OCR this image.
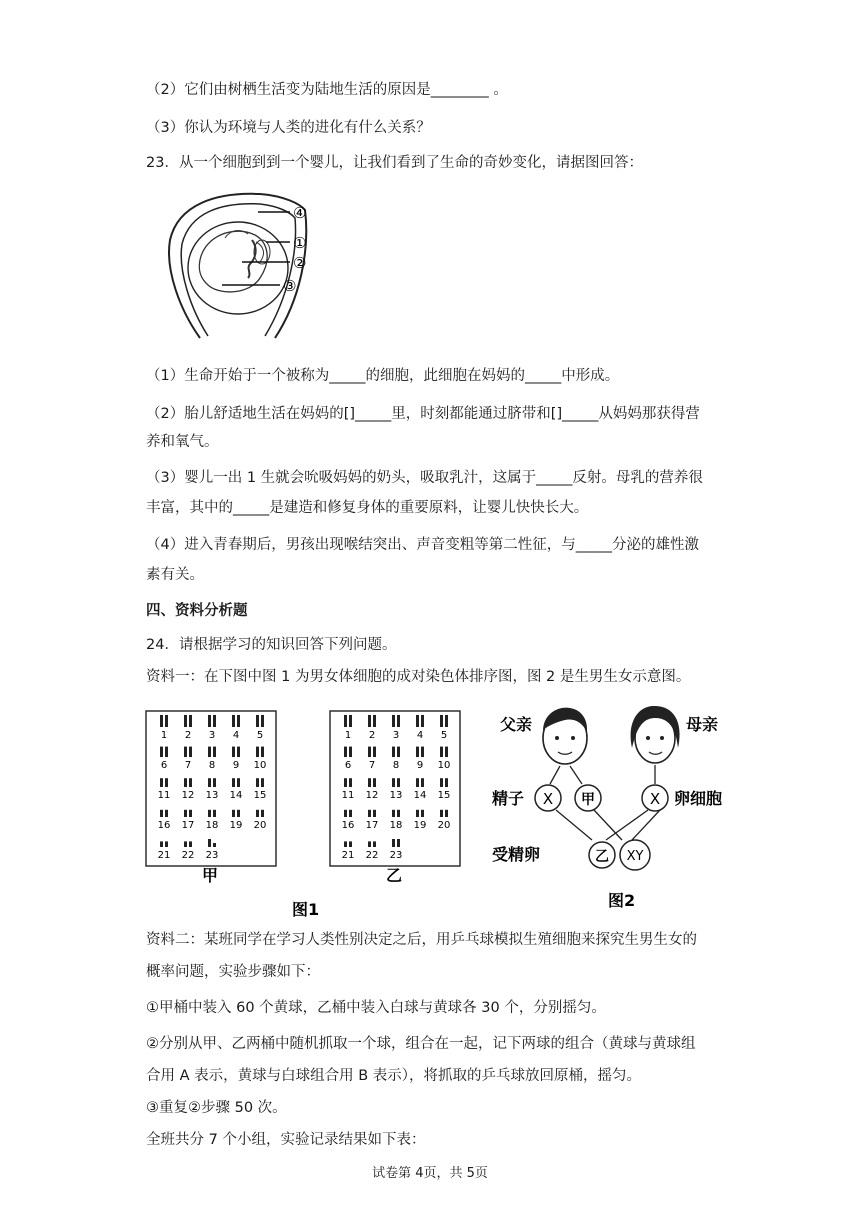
（2）它们由树栖生活变为陆地生活的原因是________ 。
（3）你认为环境与人类的进化有什么关系？
23．从一个细胞到到一个婴儿，让我们看到了生命的奇妙变化，请据图回答：
④
①
②
③
（1）生命开始于一个被称为_____的细胞，此细胞在妈妈的_____中形成。
（2）胎儿舒适地生活在妈妈的[]_____里，时刻都能通过脐带和[]_____从妈妈那获得营
养和氧气。
（3）婴儿一出 1 生就会吮吸妈妈的奶头，吸取乳汁，这属于_____反射。母乳的营养很
丰富，其中的_____是建造和修复身体的重要原料，让婴儿快快长大。
（4）进入青春期后，男孩出现喉结突出、声音变粗等第二性征，与_____分泌的雄性激
素有关。
四、资料分析题
24．请根据学习的知识回答下列问题。
资料一：在下图中图 1 为男女体细胞的成对染色体排序图，图 2 是生男生女示意图。
1 2 3 4 5
6 7 8 9 10
11 12 13 14 15
16 17 18 19 20
21 22 23
1 2 3 4 5
6 7 8 9 10
11 12 13 14 15
16 17 18 19 20
21 22 23
甲	乙
图1
父亲	母亲
X 甲	X
精子	卵细胞
乙 XY
受精卵
图2
资料二：某班同学在学习人类性别决定之后，用乒乓球模拟生殖细胞来探究生男生女的
概率问题，实验步骤如下：
①甲桶中装入 60 个黄球，乙桶中装入白球与黄球各 30 个，分别摇匀。
②分别从甲、乙两桶中随机抓取一个球，组合在一起，记下两球的组合（黄球与黄球组
合用 A 表示，黄球与白球组合用 B 表示），将抓取的乒乓球放回原桶，摇匀。
③重复②步骤 50 次。
全班共分 7 个小组，实验记录结果如下表：
试卷第 4页，共 5页
